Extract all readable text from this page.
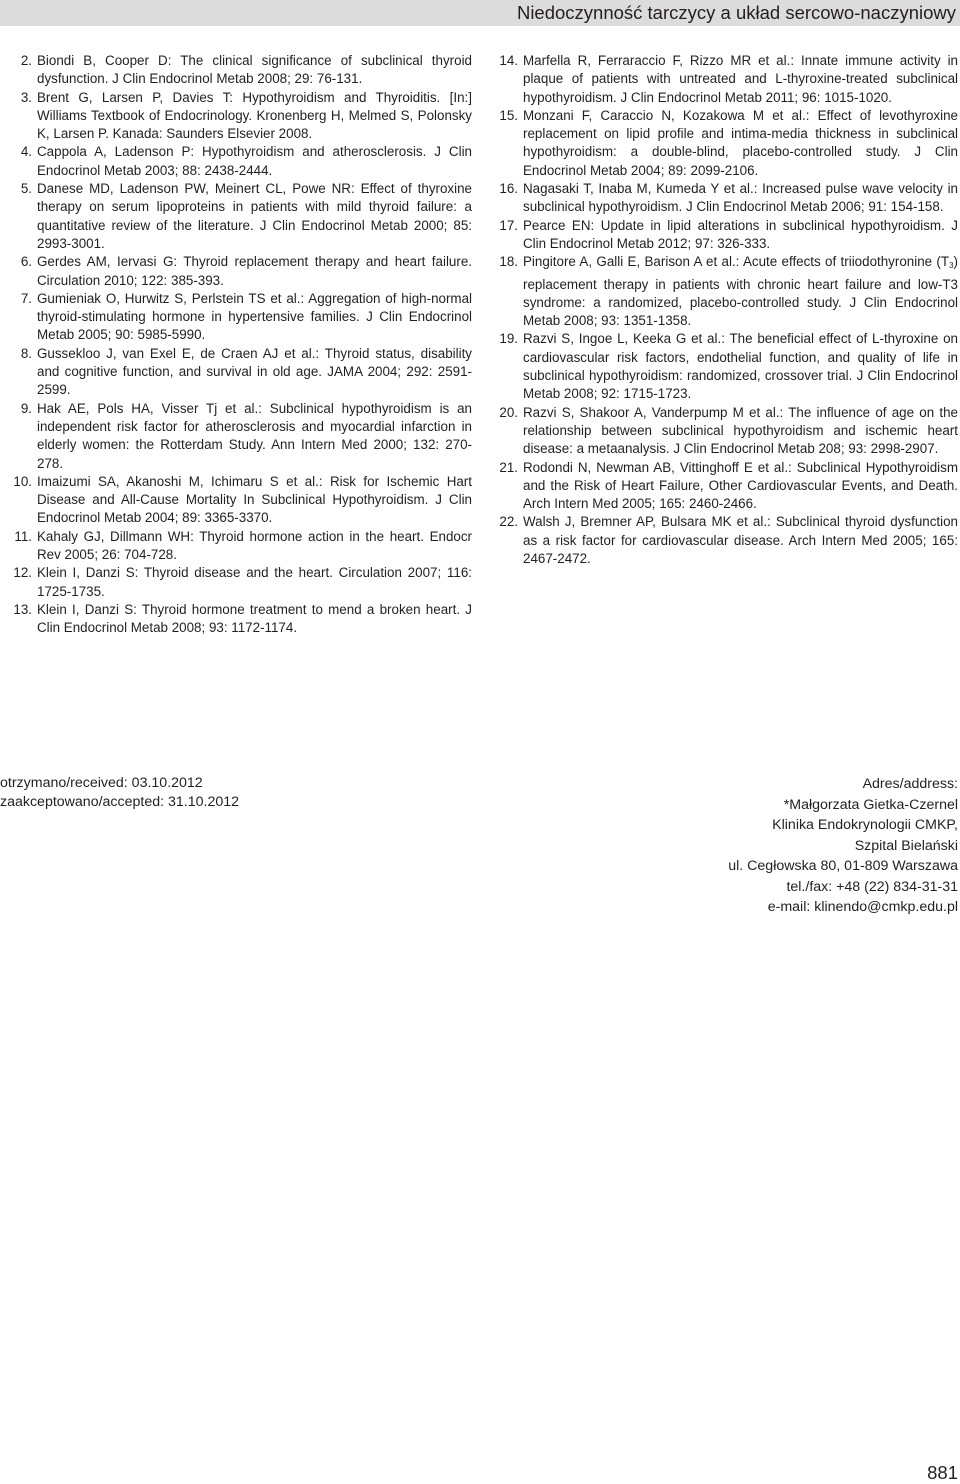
Niedoczynność tarczycy a układ sercowo-naczyniowy
2. Biondi B, Cooper D: The clinical significance of subclinical thyroid dysfunction. J Clin Endocrinol Metab 2008; 29: 76-131.
3. Brent G, Larsen P, Davies T: Hypothyroidism and Thyroiditis. [In:] Williams Textbook of Endocrinology. Kronenberg H, Melmed S, Polonsky K, Larsen P. Kanada: Saunders Elsevier 2008.
4. Cappola A, Ladenson P: Hypothyroidism and atherosclerosis. J Clin Endocrinol Metab 2003; 88: 2438-2444.
5. Danese MD, Ladenson PW, Meinert CL, Powe NR: Effect of thyroxine therapy on serum lipoproteins in patients with mild thyroid failure: a quantitative review of the literature. J Clin Endocrinol Metab 2000; 85: 2993-3001.
6. Gerdes AM, Iervasi G: Thyroid replacement therapy and heart failure. Circulation 2010; 122: 385-393.
7. Gumieniak O, Hurwitz S, Perlstein TS et al.: Aggregation of high-normal thyroid-stimulating hormone in hypertensive families. J Clin Endocrinol Metab 2005; 90: 5985-5990.
8. Gussekloo J, van Exel E, de Craen AJ et al.: Thyroid status, disability and cognitive function, and survival in old age. JAMA 2004; 292: 2591-2599.
9. Hak AE, Pols HA, Visser Tj et al.: Subclinical hypothyroidism is an independent risk factor for atherosclerosis and myocardial infarction in elderly women: the Rotterdam Study. Ann Intern Med 2000; 132: 270-278.
10. Imaizumi SA, Akanoshi M, Ichimaru S et al.: Risk for Ischemic Hart Disease and All-Cause Mortality In Subclinical Hypothyroidism. J Clin Endocrinol Metab 2004; 89: 3365-3370.
11. Kahaly GJ, Dillmann WH: Thyroid hormone action in the heart. Endocr Rev 2005; 26: 704-728.
12. Klein I, Danzi S: Thyroid disease and the heart. Circulation 2007; 116: 1725-1735.
13. Klein I, Danzi S: Thyroid hormone treatment to mend a broken heart. J Clin Endocrinol Metab 2008; 93: 1172-1174.
14. Marfella R, Ferraraccio F, Rizzo MR et al.: Innate immune activity in plaque of patients with untreated and L-thyroxine-treated subclinical hypothyroidism. J Clin Endocrinol Metab 2011; 96: 1015-1020.
15. Monzani F, Caraccio N, Kozakowa M et al.: Effect of levothyroxine replacement on lipid profile and intima-media thickness in subclinical hypothyroidism: a double-blind, placebo-controlled study. J Clin Endocrinol Metab 2004; 89: 2099-2106.
16. Nagasaki T, Inaba M, Kumeda Y et al.: Increased pulse wave velocity in subclinical hypothyroidism. J Clin Endocrinol Metab 2006; 91: 154-158.
17. Pearce EN: Update in lipid alterations in subclinical hypothyroidism. J Clin Endocrinol Metab 2012; 97: 326-333.
18. Pingitore A, Galli E, Barison A et al.: Acute effects of triiodothyronine $(T_3)$ replacement therapy in patients with chronic heart failure and low-T3 syndrome: a randomized, placebo-controlled study. J Clin Endocrinol Metab 2008; 93: 1351-1358.
19. Razvi S, Ingoe L, Keeka G et al.: The beneficial effect of L-thyroxine on cardiovascular risk factors, endothelial function, and quality of life in subclinical hypothyroidism: randomized, crossover trial. J Clin Endocrinol Metab 2008; 92: 1715-1723.
20. Razvi S, Shakoor A, Vanderpump M et al.: The influence of age on the relationship between subclinical hypothyroidism and ischemic heart disease: a metaanalysis. J Clin Endocrinol Metab 208; 93: 2998-2907.
21. Rodondi N, Newman AB, Vittinghoff E et al.: Subclinical Hypothyroidism and the Risk of Heart Failure, Other Cardiovascular Events, and Death. Arch Intern Med 2005; 165: 2460-2466.
22. Walsh J, Bremner AP, Bulsara MK et al.: Subclinical thyroid dysfunction as a risk factor for cardiovascular disease. Arch Intern Med 2005; 165: 2467-2472.
otrzymano/received: 03.10.2012
zaakceptowano/accepted: 31.10.2012
Adres/address:
*Małgorzata Gietka-Czernel
Klinika Endokrynologii CMKP,
Szpital Bielański
ul. Cegłowska 80, 01-809 Warszawa
tel./fax: +48 (22) 834-31-31
e-mail: klinendo@cmkp.edu.pl
881
